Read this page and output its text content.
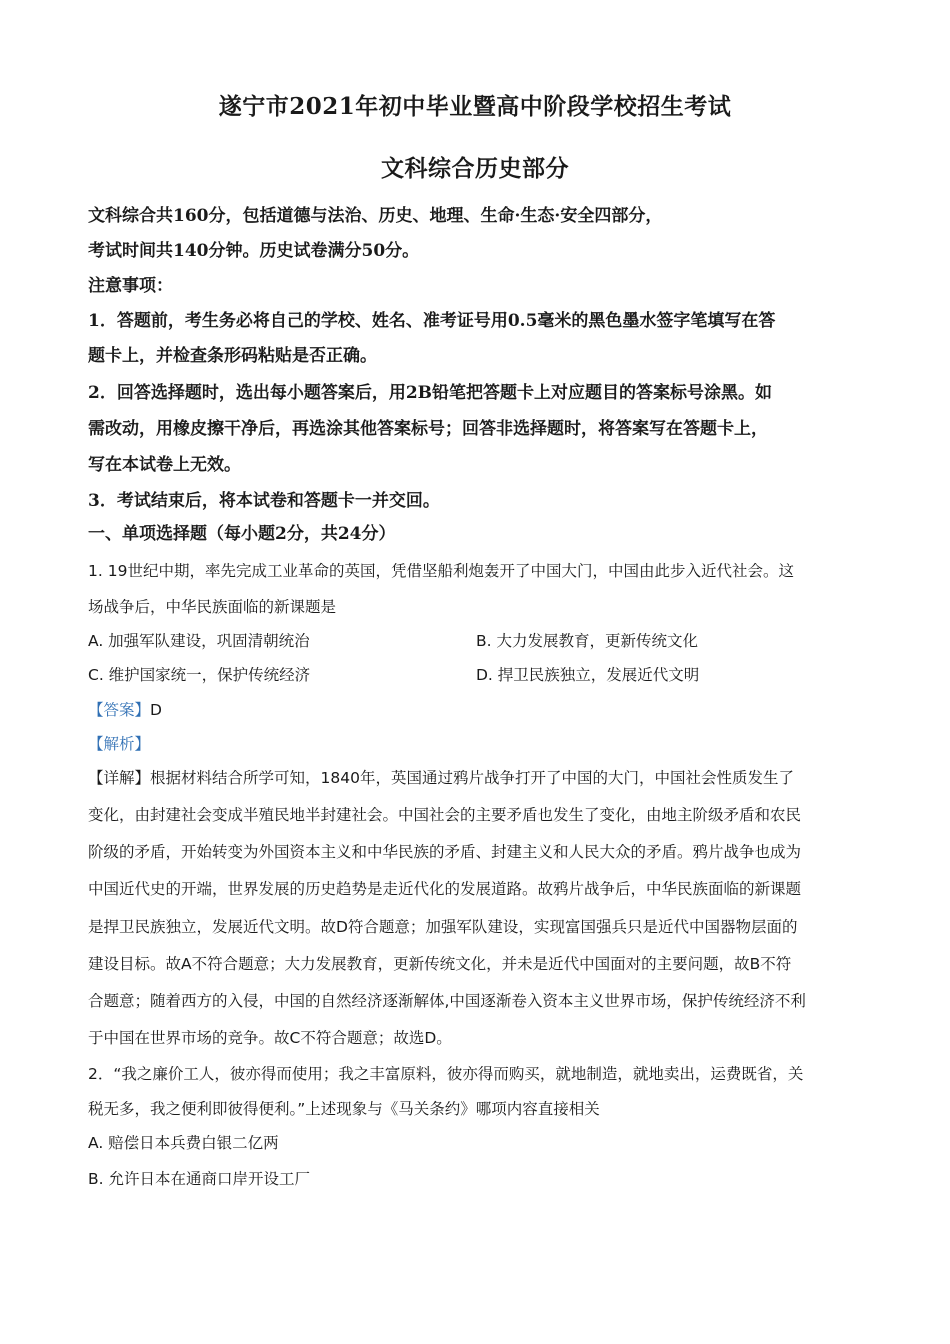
遂宁市2021年初中毕业暨高中阶段学校招生考试
文科综合历史部分
文科综合共160分，包括道德与法治、历史、地理、生命·生态·安全四部分，
考试时间共140分钟。历史试卷满分50分。
注意事项：
1．答题前，考生务必将自己的学校、姓名、准考证号用0.5毫米的黑色墨水签字笔填写在答
题卡上，并检查条形码粘贴是否正确。
2．回答选择题时，选出每小题答案后，用2B铅笔把答题卡上对应题目的答案标号涂黑。如
需改动，用橡皮擦干净后，再选涂其他答案标号；回答非选择题时，将答案写在答题卡上，
写在本试卷上无效。
3．考试结束后，将本试卷和答题卡一并交回。
一、单项选择题（每小题2分，共24分）
1. 19世纪中期，率先完成工业革命的英国，凭借坚船利炮轰开了中国大门，中国由此步入近代社会。这
场战争后，中华民族面临的新课题是
A. 加强军队建设，巩固清朝统治	B. 大力发展教育，更新传统文化
C. 维护国家统一，保护传统经济	D. 捍卫民族独立，发展近代文明
【答案】D
【解析】
【详解】根据材料结合所学可知，1840年，英国通过鸦片战争打开了中国的大门，中国社会性质发生了
变化，由封建社会变成半殖民地半封建社会。中国社会的主要矛盾也发生了变化，由地主阶级矛盾和农民
阶级的矛盾，开始转变为外国资本主义和中华民族的矛盾、封建主义和人民大众的矛盾。鸦片战争也成为
中国近代史的开端，世界发展的历史趋势是走近代化的发展道路。故鸦片战争后，中华民族面临的新课题
是捍卫民族独立，发展近代文明。故D符合题意；加强军队建设，实现富国强兵只是近代中国器物层面的
建设目标。故A不符合题意；大力发展教育，更新传统文化，并未是近代中国面对的主要问题，故B不符
合题意；随着西方的入侵，中国的自然经济逐渐解体,中国逐渐卷入资本主义世界市场，保护传统经济不利
于中国在世界市场的竞争。故C不符合题意；故选D。
2．“我之廉价工人，彼亦得而使用；我之丰富原料，彼亦得而购买，就地制造，就地卖出，运费既省，关
税无多，我之便利即彼得便利。”上述现象与《马关条约》哪项内容直接相关
A. 赔偿日本兵费白银二亿两
B. 允许日本在通商口岸开设工厂
